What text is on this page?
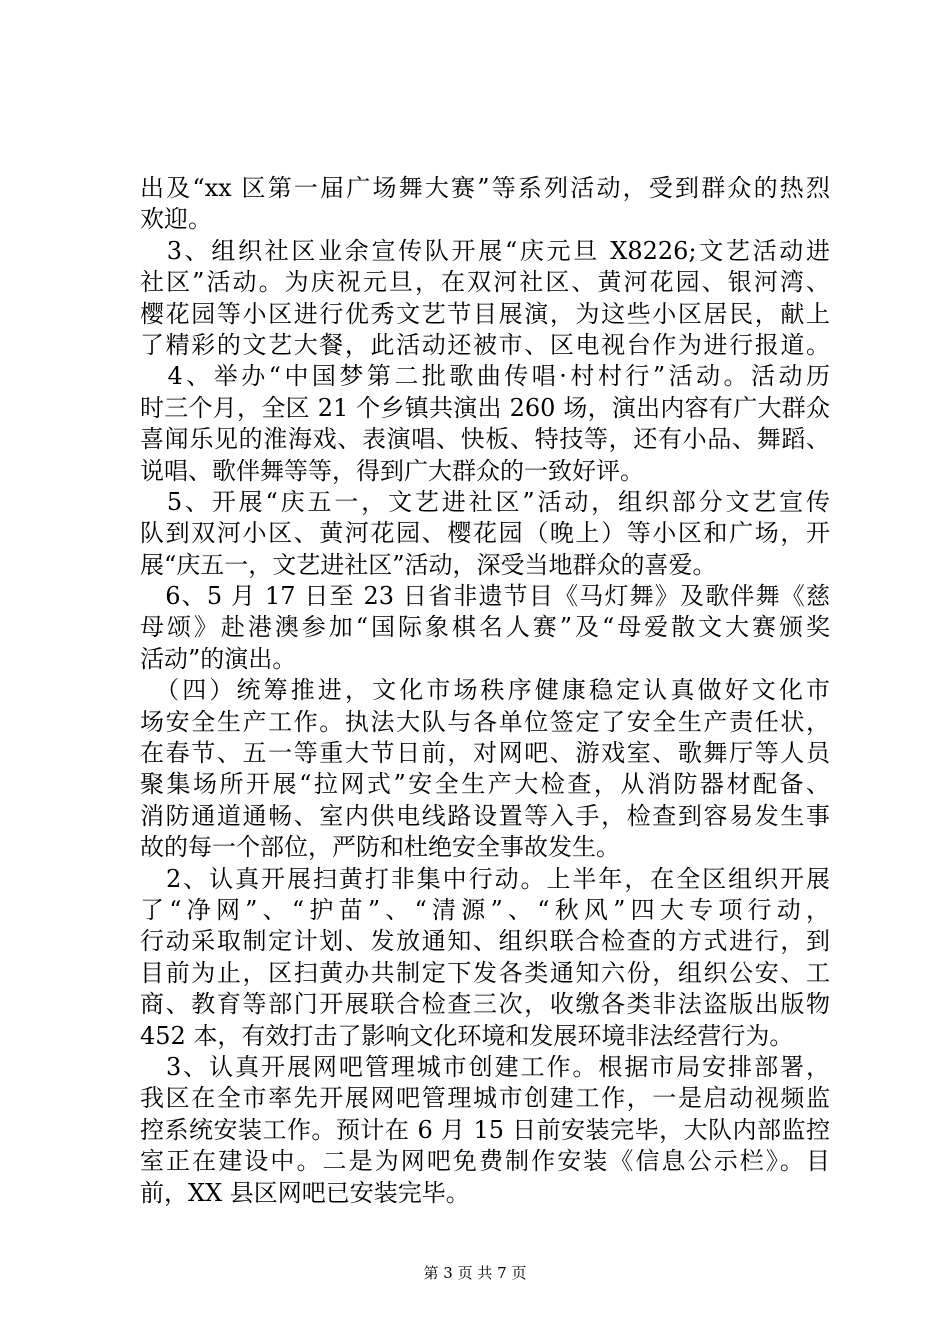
出及“xx 区第一届广场舞大赛”等系列活动，受到群众的热烈
欢迎。
　3、组织社区业余宣传队开展“庆元旦 X8226;文艺活动进
社区”活动。为庆祝元旦，在双河社区、黄河花园、银河湾、
樱花园等小区进行优秀文艺节目展演，为这些小区居民，献上
了精彩的文艺大餐，此活动还被市、区电视台作为进行报道。
　4、举办“中国梦第二批歌曲传唱·村村行”活动。活动历
时三个月，全区 21 个乡镇共演出 260 场，演出内容有广大群众
喜闻乐见的淮海戏、表演唱、快板、特技等，还有小品、舞蹈、
说唱、歌伴舞等等，得到广大群众的一致好评。
　5、开展“庆五一，文艺进社区”活动，组织部分文艺宣传
队到双河小区、黄河花园、樱花园（晚上）等小区和广场，开
展“庆五一，文艺进社区”活动，深受当地群众的喜爱。
　6、5 月 17 日至 23 日省非遗节目《马灯舞》及歌伴舞《慈
母颂》赴港澳参加“国际象棋名人赛”及“母爱散文大赛颁奖
活动”的演出。
　（四）统筹推进，文化市场秩序健康稳定认真做好文化市
场安全生产工作。执法大队与各单位签定了安全生产责任状，
在春节、五一等重大节日前，对网吧、游戏室、歌舞厅等人员
聚集场所开展“拉网式”安全生产大检查，从消防器材配备、
消防通道通畅、室内供电线路设置等入手，检查到容易发生事
故的每一个部位，严防和杜绝安全事故发生。
　2、认真开展扫黄打非集中行动。上半年，在全区组织开展
了“净网”、“护苗”、“清源”、“秋风”四大专项行动，
行动采取制定计划、发放通知、组织联合检查的方式进行，到
目前为止，区扫黄办共制定下发各类通知六份，组织公安、工
商、教育等部门开展联合检查三次，收缴各类非法盗版出版物
452 本，有效打击了影响文化环境和发展环境非法经营行为。
　3、认真开展网吧管理城市创建工作。根据市局安排部署，
我区在全市率先开展网吧管理城市创建工作，一是启动视频监
控系统安装工作。预计在 6 月 15 日前安装完毕，大队内部监控
室正在建设中。二是为网吧免费制作安装《信息公示栏》。目
前，XX 县区网吧已安装完毕。
第 3 页 共 7 页
